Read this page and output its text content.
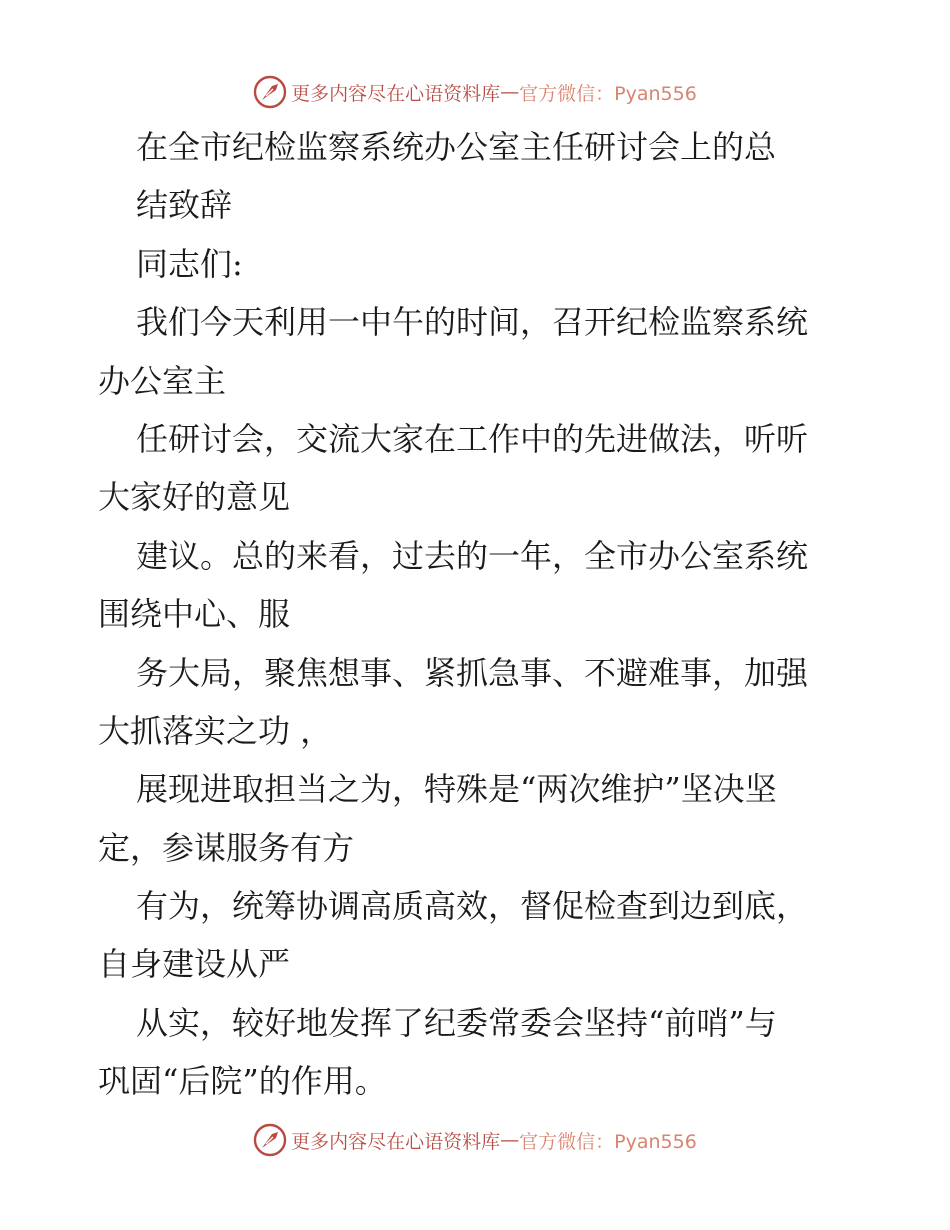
更多内容尽在心语资料库 — 官方微信：Pyan556
在全市纪检监察系统办公室主任研讨会上的总
结致辞
同志们:
我们今天利用一中午的时间，召开纪检监察系统
办公室主
任研讨会，交流大家在工作中的先进做法，听听
大家好的意见
建议。总的来看，过去的一年，全市办公室系统
围绕中心、服
务大局，聚焦想事、紧抓急事、不避难事，加强
大抓落实之功 ，
展现进取担当之为，特殊是“两次维护”坚决坚
定，参谋服务有方
有为，统筹协调高质高效，督促检查到边到底，
自身建设从严
从实，较好地发挥了纪委常委会坚持“前哨”与
巩固“后院”的作用。
更多内容尽在心语资料库 — 官方微信：Pyan556
